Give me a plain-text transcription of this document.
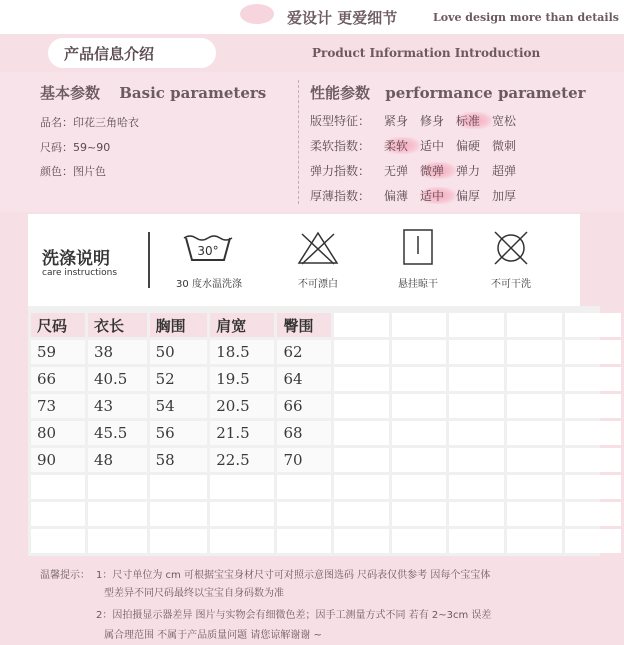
爱设计 更爱细节	Love design more than details
产品信息介绍	Product Information Introduction
基本参数 Basic parameters
品名：印花三角哈衣
尺码：59~90
颜色：图片色
性能参数 performance parameter
版型特征：	紧身 修身 标准 宽松
柔软指数：	柔软 适中 偏硬 微刺
弹力指数：	无弹 微弹 弹力 超弹
厚薄指数：	偏薄 适中 偏厚 加厚
洗涤说明
care instructions
30°
30 度水温洗涤	不可漂白	悬挂晾干	不可干洗
尺码	衣长	胸围	肩宽	臀围					
59	38	50	18.5	62					
66	40.5	52	19.5	64					
73	43	54	20.5	66					
80	45.5	56	21.5	68					
90	48	58	22.5	70					

温馨提示： 1：尺寸单位为 cm 可根据宝宝身材尺寸可对照示意图选码 尺码表仅供参考 因每个宝宝体
型差异不同尺码最终以宝宝自身码数为准
2：因拍摄显示器差异 图片与实物会有细微色差；因手工测量方式不同 若有 2~3cm 误差
属合理范围 不属于产品质量问题 请您谅解谢谢 ~
